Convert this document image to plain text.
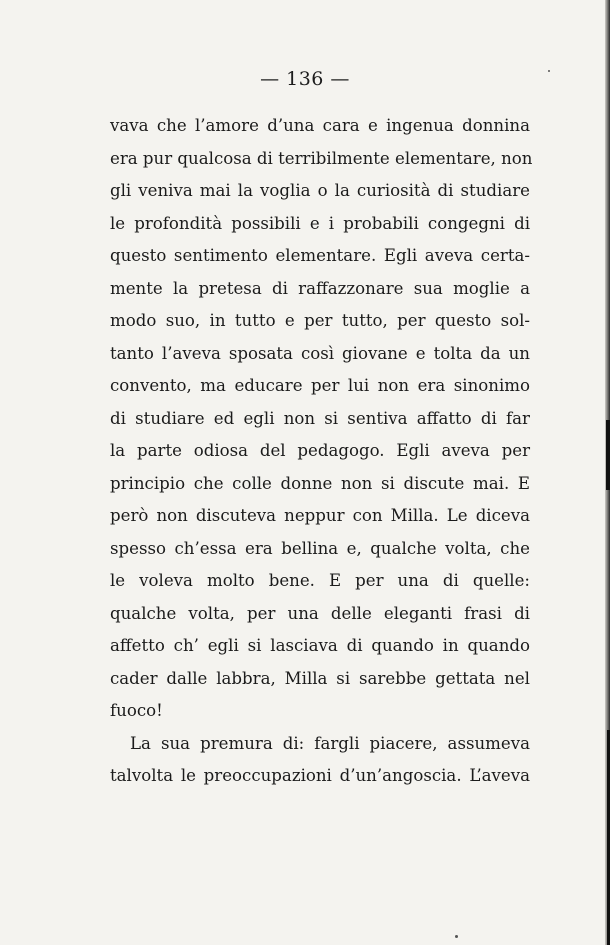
— 136 —
vava che l’amore d’una cara e ingenua donnina
era pur qualcosa di terribilmente elementare, non
gli veniva mai la voglia o la curiosità di studiare
le profondità possibili e i probabili congegni di
questo sentimento elementare. Egli aveva certa-
mente la pretesa di raffazzonare sua moglie a
modo suo, in tutto e per tutto, per questo sol-
tanto l’aveva sposata così giovane e tolta da un
convento, ma educare per lui non era sinonimo
di studiare ed egli non si sentiva affatto di far
la parte odiosa del pedagogo. Egli aveva per
principio che colle donne non si discute mai. E
però non discuteva neppur con Milla. Le diceva
spesso ch’essa era bellina e, qualche volta, che
le voleva molto bene. E per una di quelle:
qualche volta, per una delle eleganti frasi di
affetto ch’ egli si lasciava di quando in quando
cader dalle labbra, Milla si sarebbe gettata nel
fuoco!
La sua premura di: fargli piacere, assumeva
talvolta le preoccupazioni d’un’angoscia. L’aveva
